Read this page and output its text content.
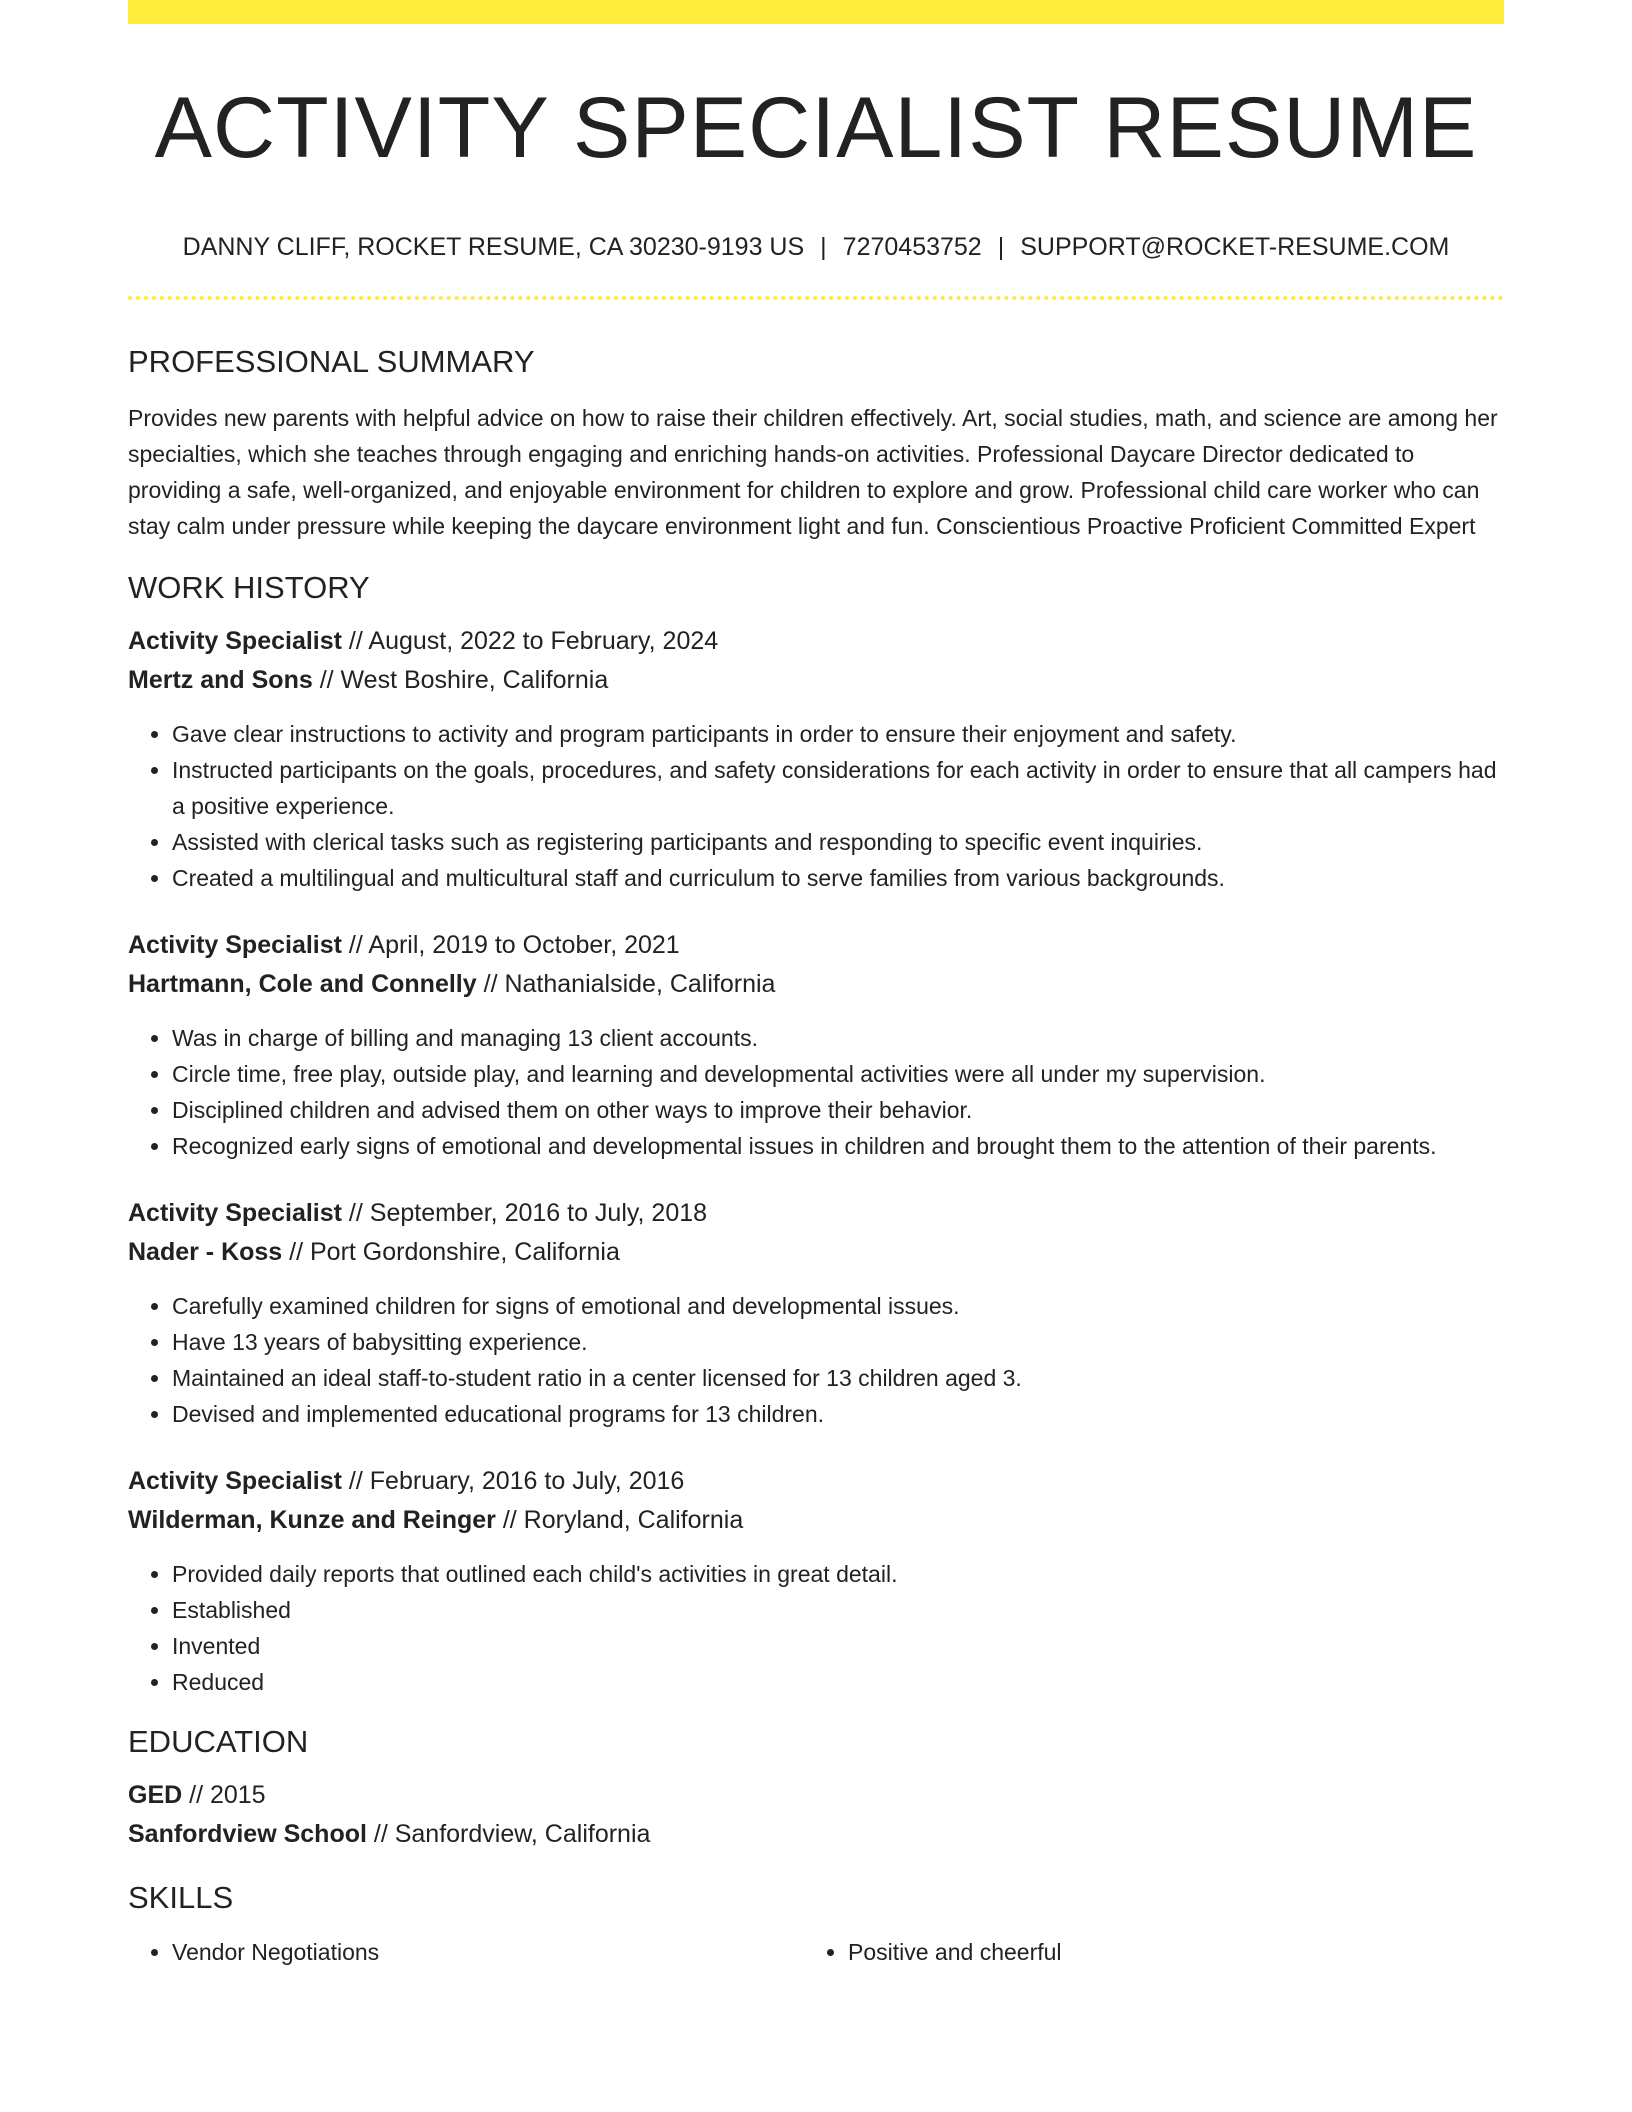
ACTIVITY SPECIALIST RESUME
DANNY CLIFF, ROCKET RESUME, CA 30230-9193 US | 7270453752 | SUPPORT@ROCKET-RESUME.COM
PROFESSIONAL SUMMARY
Provides new parents with helpful advice on how to raise their children effectively. Art, social studies, math, and science are among her specialties, which she teaches through engaging and enriching hands-on activities. Professional Daycare Director dedicated to providing a safe, well-organized, and enjoyable environment for children to explore and grow. Professional child care worker who can stay calm under pressure while keeping the daycare environment light and fun. Conscientious Proactive Proficient Committed Expert
WORK HISTORY
Activity Specialist // August, 2022 to February, 2024
Mertz and Sons // West Boshire, California
• Gave clear instructions to activity and program participants in order to ensure their enjoyment and safety.
• Instructed participants on the goals, procedures, and safety considerations for each activity in order to ensure that all campers had a positive experience.
• Assisted with clerical tasks such as registering participants and responding to specific event inquiries.
• Created a multilingual and multicultural staff and curriculum to serve families from various backgrounds.
Activity Specialist // April, 2019 to October, 2021
Hartmann, Cole and Connelly // Nathanialside, California
• Was in charge of billing and managing 13 client accounts.
• Circle time, free play, outside play, and learning and developmental activities were all under my supervision.
• Disciplined children and advised them on other ways to improve their behavior.
• Recognized early signs of emotional and developmental issues in children and brought them to the attention of their parents.
Activity Specialist // September, 2016 to July, 2018
Nader - Koss // Port Gordonshire, California
• Carefully examined children for signs of emotional and developmental issues.
• Have 13 years of babysitting experience.
• Maintained an ideal staff-to-student ratio in a center licensed for 13 children aged 3.
• Devised and implemented educational programs for 13 children.
Activity Specialist // February, 2016 to July, 2016
Wilderman, Kunze and Reinger // Roryland, California
• Provided daily reports that outlined each child's activities in great detail.
• Established
• Invented
• Reduced
EDUCATION
GED // 2015
Sanfordview School // Sanfordview, California
SKILLS
• Vendor Negotiations
•	Positive and cheerful
